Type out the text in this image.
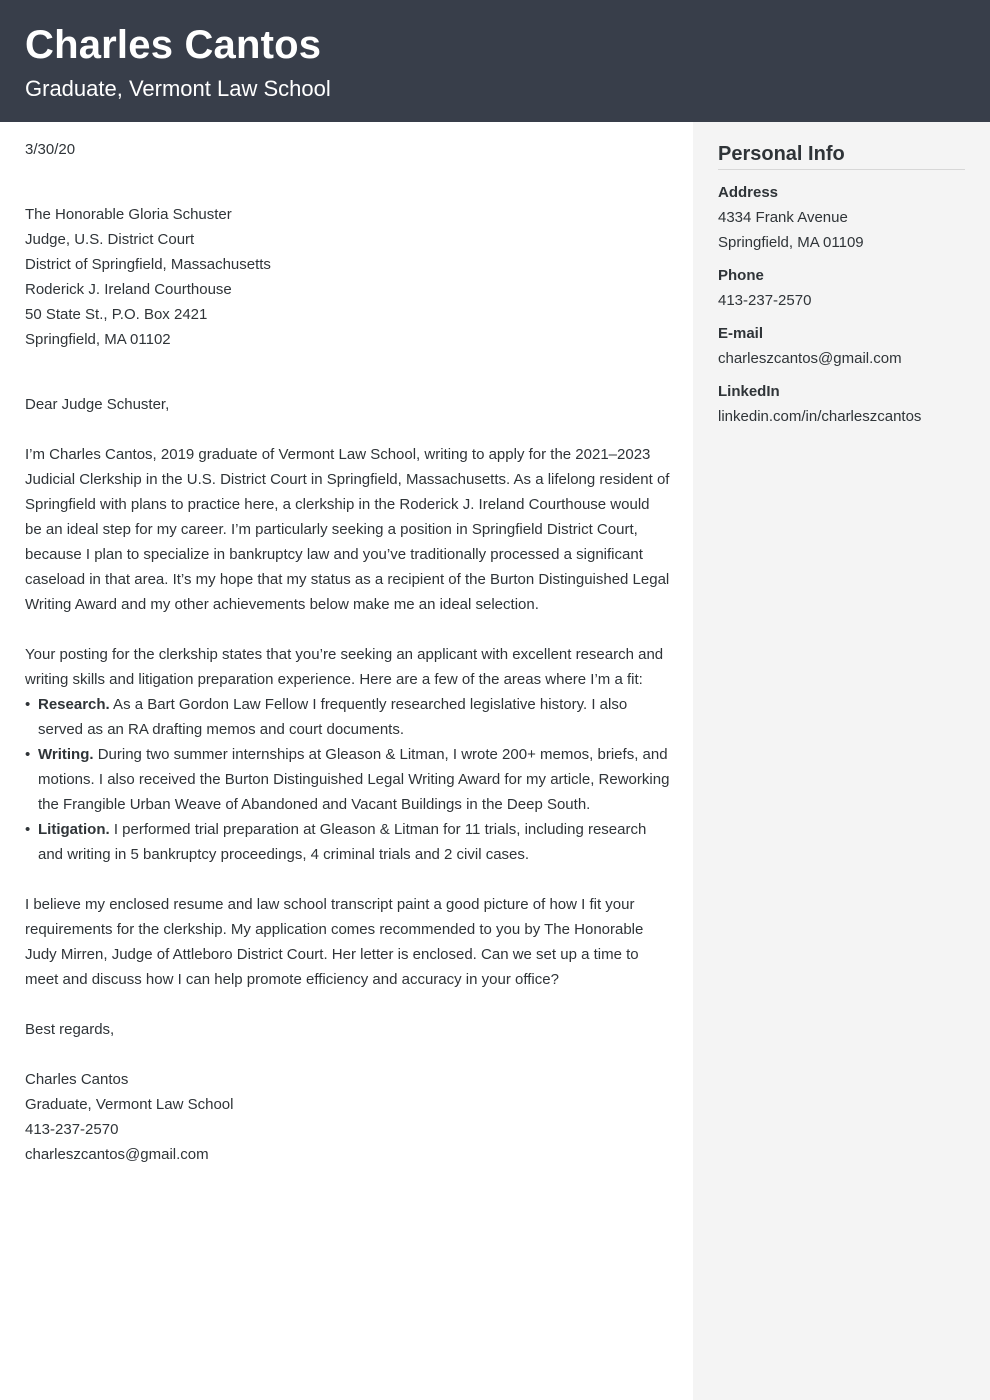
Charles Cantos
Graduate, Vermont Law School

3/30/20

The Honorable Gloria Schuster

Judge, U.S. District Court

District of Springfield, Massachusetts

Roderick J. Ireland Courthouse

50 State St., P.O. Box 2421

Springfield, MA 01102

Dear Judge Schuster,

I’m Charles Cantos, 2019 graduate of Vermont Law School, writing to apply for the 2021–2023 Judicial Clerkship in the U.S. District Court in Springfield, Massachusetts. As a lifelong resident of Springfield with plans to practice here, a clerkship in the Roderick J. Ireland Courthouse would be an ideal step for my career. I’m particularly seeking a position in Springfield District Court, because I plan to specialize in bankruptcy law and you’ve traditionally processed a significant caseload in that area. It’s my hope that my status as a recipient of the Burton Distinguished Legal Writing Award and my other achievements below make me an ideal selection.

Your posting for the clerkship states that you’re seeking an applicant with excellent research and writing skills and litigation preparation experience. Here are a few of the areas where I’m a fit:

• Research. As a Bart Gordon Law Fellow I frequently researched legislative history. I also served as an RA drafting memos and court documents.
• Writing. During two summer internships at Gleason & Litman, I wrote 200+ memos, briefs, and motions. I also received the Burton Distinguished Legal Writing Award for my article, Reworking the Frangible Urban Weave of Abandoned and Vacant Buildings in the Deep South.
• Litigation. I performed trial preparation at Gleason & Litman for 11 trials, including research and writing in 5 bankruptcy proceedings, 4 criminal trials and 2 civil cases.

I believe my enclosed resume and law school transcript paint a good picture of how I fit your requirements for the clerkship. My application comes recommended to you by The Honorable Judy Mirren, Judge of Attleboro District Court. Her letter is enclosed. Can we set up a time to meet and discuss how I can help promote efficiency and accuracy in your office?

Best regards,

Charles Cantos

Graduate, Vermont Law School

413-237-2570

charleszcantos@gmail.com

Personal Info
Address
4334 Frank Avenue
Springfield, MA 01109
Phone
413-237-2570
E-mail
charleszcantos@gmail.com
LinkedIn
linkedin.com/in/charleszcantos
